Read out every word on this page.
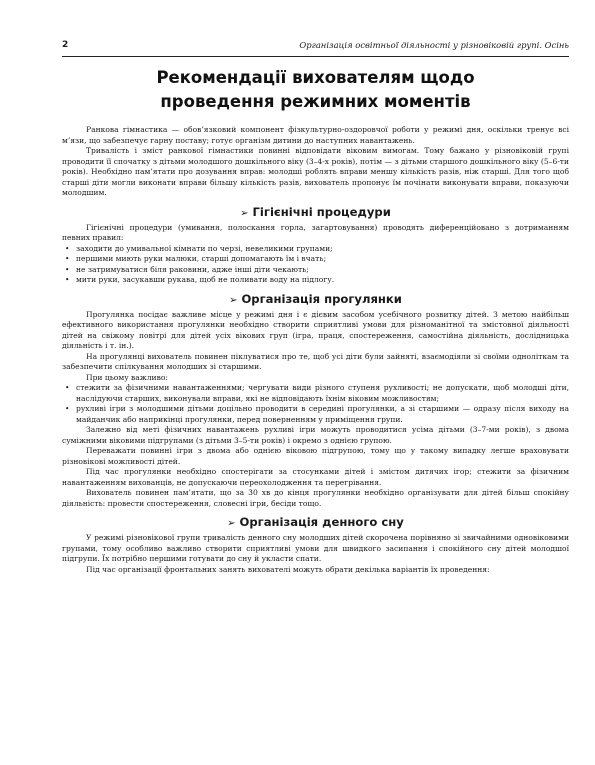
2	Організація освітньої діяльності у різновіковій групі. Осінь
Рекомендації вихователям щодо
проведення режимних моментів

Ранкова гімнастика — обов’язковий компонент фізкультурно-оздоровчої роботи у режимі дня, оскільки тренує всі м’язи, що забезпечує гарну поставу; готує організм дитини до наступних навантажень.

Тривалість і зміст ранкової гімнастики повинні відповідати віковим вимогам. Тому бажано у різновіковій групі проводити її спочатку з дітьми молодшого дошкільного віку (3–4-х років), потім — з дітьми старшого дошкільного віку (5–6-ти років). Необхідно пам’ятати про дозування вправ: молодші роблять вправи меншу кількість разів, ніж старші. Для того щоб старші діти могли виконати вправи більшу кількість разів, вихователь пропонує їм почінати виконувати вправи, показуючи молодшим.

➢ Гігієнічні процедури

Гігієнічні процедури (умивання, полоскання горла, загартовування) проводять диференційовано з дотриманням певних правил:

• заходити до умивальної кімнати по черзі, невеликими групами;
• першими миють руки малюки, старші допомагають їм і вчать;
• не затримуватися біля раковини, адже інші діти чекають;
• мити руки, засукавши рукава, щоб не поливати воду на підлогу.
➢ Організація прогулянки

Прогулянка посідає важливе місце у режимі дня і є дієвим засобом усебічного розвитку дітей. З метою найбільш ефективного використання прогулянки необхідно створити сприятливі умови для різноманітної та змістовної діяльності дітей на свіжому повітрі для дітей усіх вікових груп (ігра, праця, спостереження, самостійна діяльність, дослідницька діяльність і т. ін.).

На прогулянці вихователь повинен піклуватися про те, щоб усі діти були зайняті, взаємодіяли зі своїми одноліткам та забезпечити спілкування молодших зі старшими.

При цьому важливо:

• стежити за фізичними навантаженнями; чергувати види різного ступеня рухливості; не допускати, щоб молодші діти, наслідуючи старших, виконували вправи, які не відповідають їхнім віковим можливостям;
• рухливі ігри з молодшими дітьми доцільно проводити в середині прогулянки, а зі старшими — одразу після виходу на майданчик або наприкінці прогулянки, перед поверненням у приміщення групи.

Залежно від меті фізичних навантажень рухливі ігри можуть проводитися усіма дітьми (3–7-ми років), з двома суміжними віковими підгрупами (з дітьми 3–5-ти років) і окремо з однією групою.

Переважати повинні ігри з двома або однією віковою підгрупою, тому що у такому випадку легше враховувати різновікові можливості дітей.

Під час прогулянки необхідно спостерігати за стосунками дітей і змістом дитячих ігор; стежити за фізичним навантаженням вихованців, не допускаючи переохолодження та перегрівання.

Вихователь повинен пам’ятати, що за 30 хв до кінця прогулянки необхідно організувати для дітей більш спокійну діяльність: провести спостереження, словесні ігри, бесіди тощо.

➢ Організація денного сну

У режимі різновікової групи тривалість денного сну молодших дітей скорочена порівняно зі звичайними одновіковими групами, тому особливо важливо створити сприятливі умови для швидкого засипання і спокійного сну дітей молодшої підгрупи. Їх потрібно першими готувати до сну й укласти спати.

Під час організації фронтальних занять вихователі можуть обрати декілька варіантів їх проведення:
